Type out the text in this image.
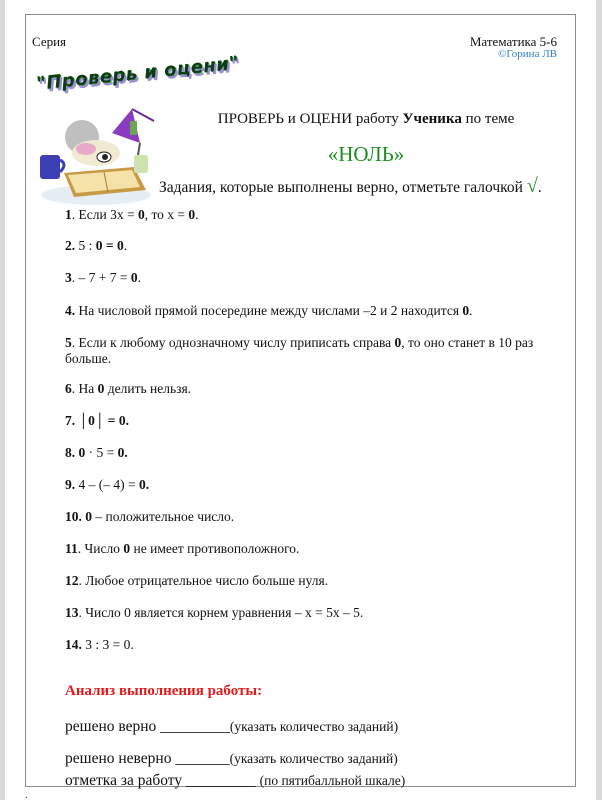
Серия	Математика 5-6
©Горина ЛВ
"Проверь и оцени"
ПРОВЕРЬ и ОЦЕНИ работу Ученика по теме
«НОЛЬ»
Задания, которые выполнены верно, отметьте галочкой √.
1. Если 3х = 0, то х = 0.
2. 5 : 0 = 0.
3. – 7 + 7 = 0.
4. На числовой прямой посередине между числами –2 и 2 находится 0.
5. Если к любому однозначному числу приписать справа 0, то оно станет в 10 раз больше.
6. На 0 делить нельзя.
7. │0│ = 0.
8. 0 · 5 = 0.
9. 4 – (– 4) = 0.
10. 0 – положительное число.
11. Число 0 не имеет противоположного.
12. Любое отрицательное число больше нуля.
13. Число 0 является корнем уравнения – х = 5х – 5.
14. 3 : 3 = 0.
Анализ выполнения работы:
решено верно _________(указать количество заданий)
решено неверно _______(указать количество заданий)
отметка за работу _________ (по пятибалльной шкале)
.
